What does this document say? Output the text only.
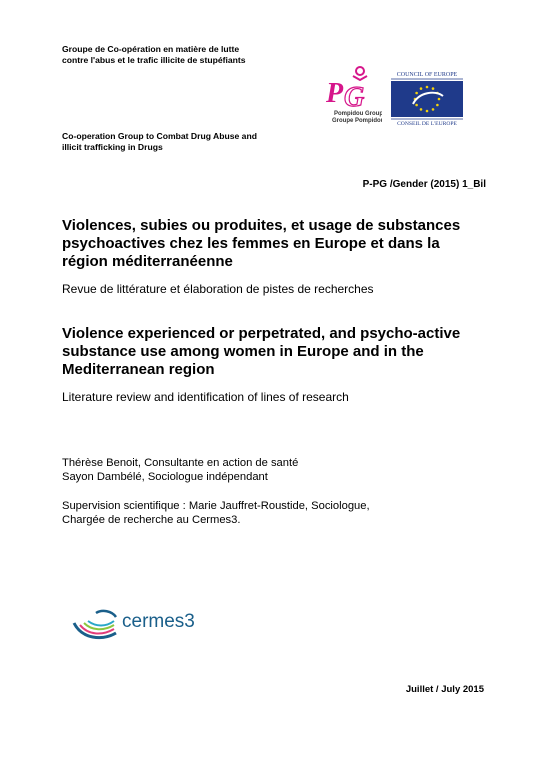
Groupe de Co-opération en matière de lutte
contre l'abus et le trafic illicite de stupéfiants
P G
Pompidou Group
Groupe Pompidou
COUNCIL OF EUROPE
CONSEIL DE L'EUROPE
Co-operation Group to Combat Drug Abuse and
illicit trafficking in Drugs
P-PG /Gender (2015) 1_Bil
Violences, subies ou produites, et usage de substances
psychoactives chez les femmes en Europe et dans la
région méditerranéenne
Revue de littérature et élaboration de pistes de recherches
Violence experienced or perpetrated, and psycho-active
substance use among women in Europe and in the
Mediterranean region
Literature review and identification of lines of research
Thérèse Benoit, Consultante en action de santé
Sayon Dambélé, Sociologue indépendant
Supervision scientifique : Marie Jauffret-Roustide, Sociologue,
Chargée de recherche au Cermes3.
cermes3
Juillet / July 2015
